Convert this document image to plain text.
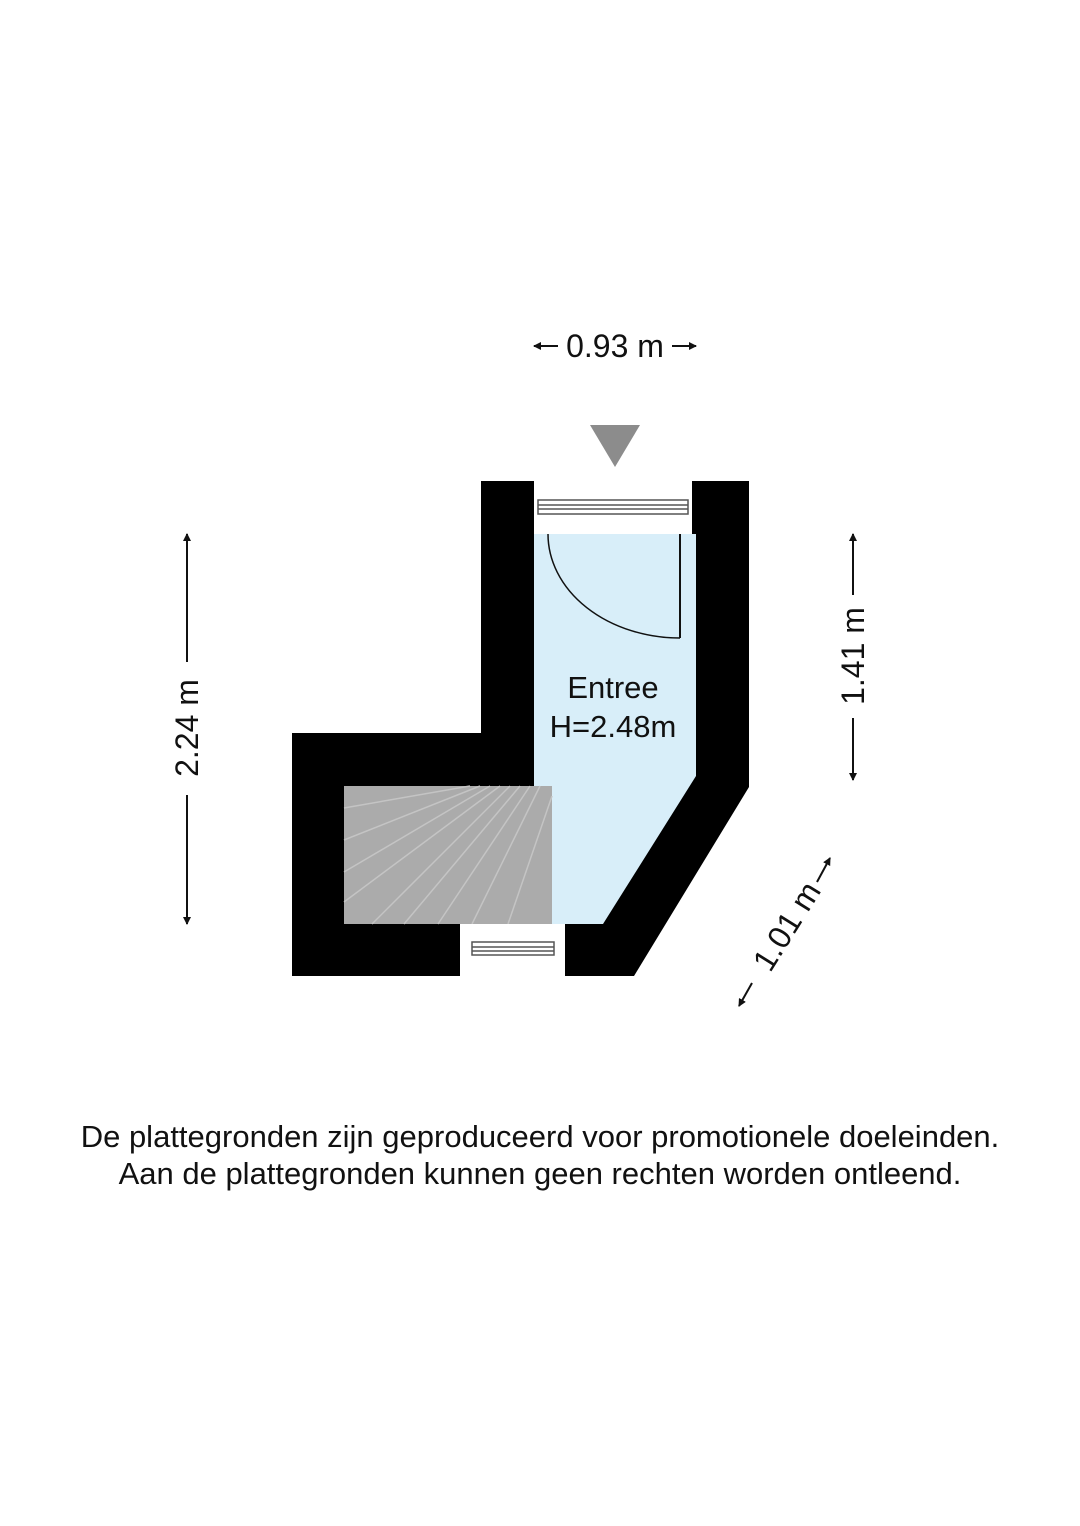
Entree
H=2.48m
0.93 m
2.24 m
1.41 m
1.01 m
De plattegronden zijn geproduceerd voor promotionele doeleinden.
Aan de plattegronden kunnen geen rechten worden ontleend.
